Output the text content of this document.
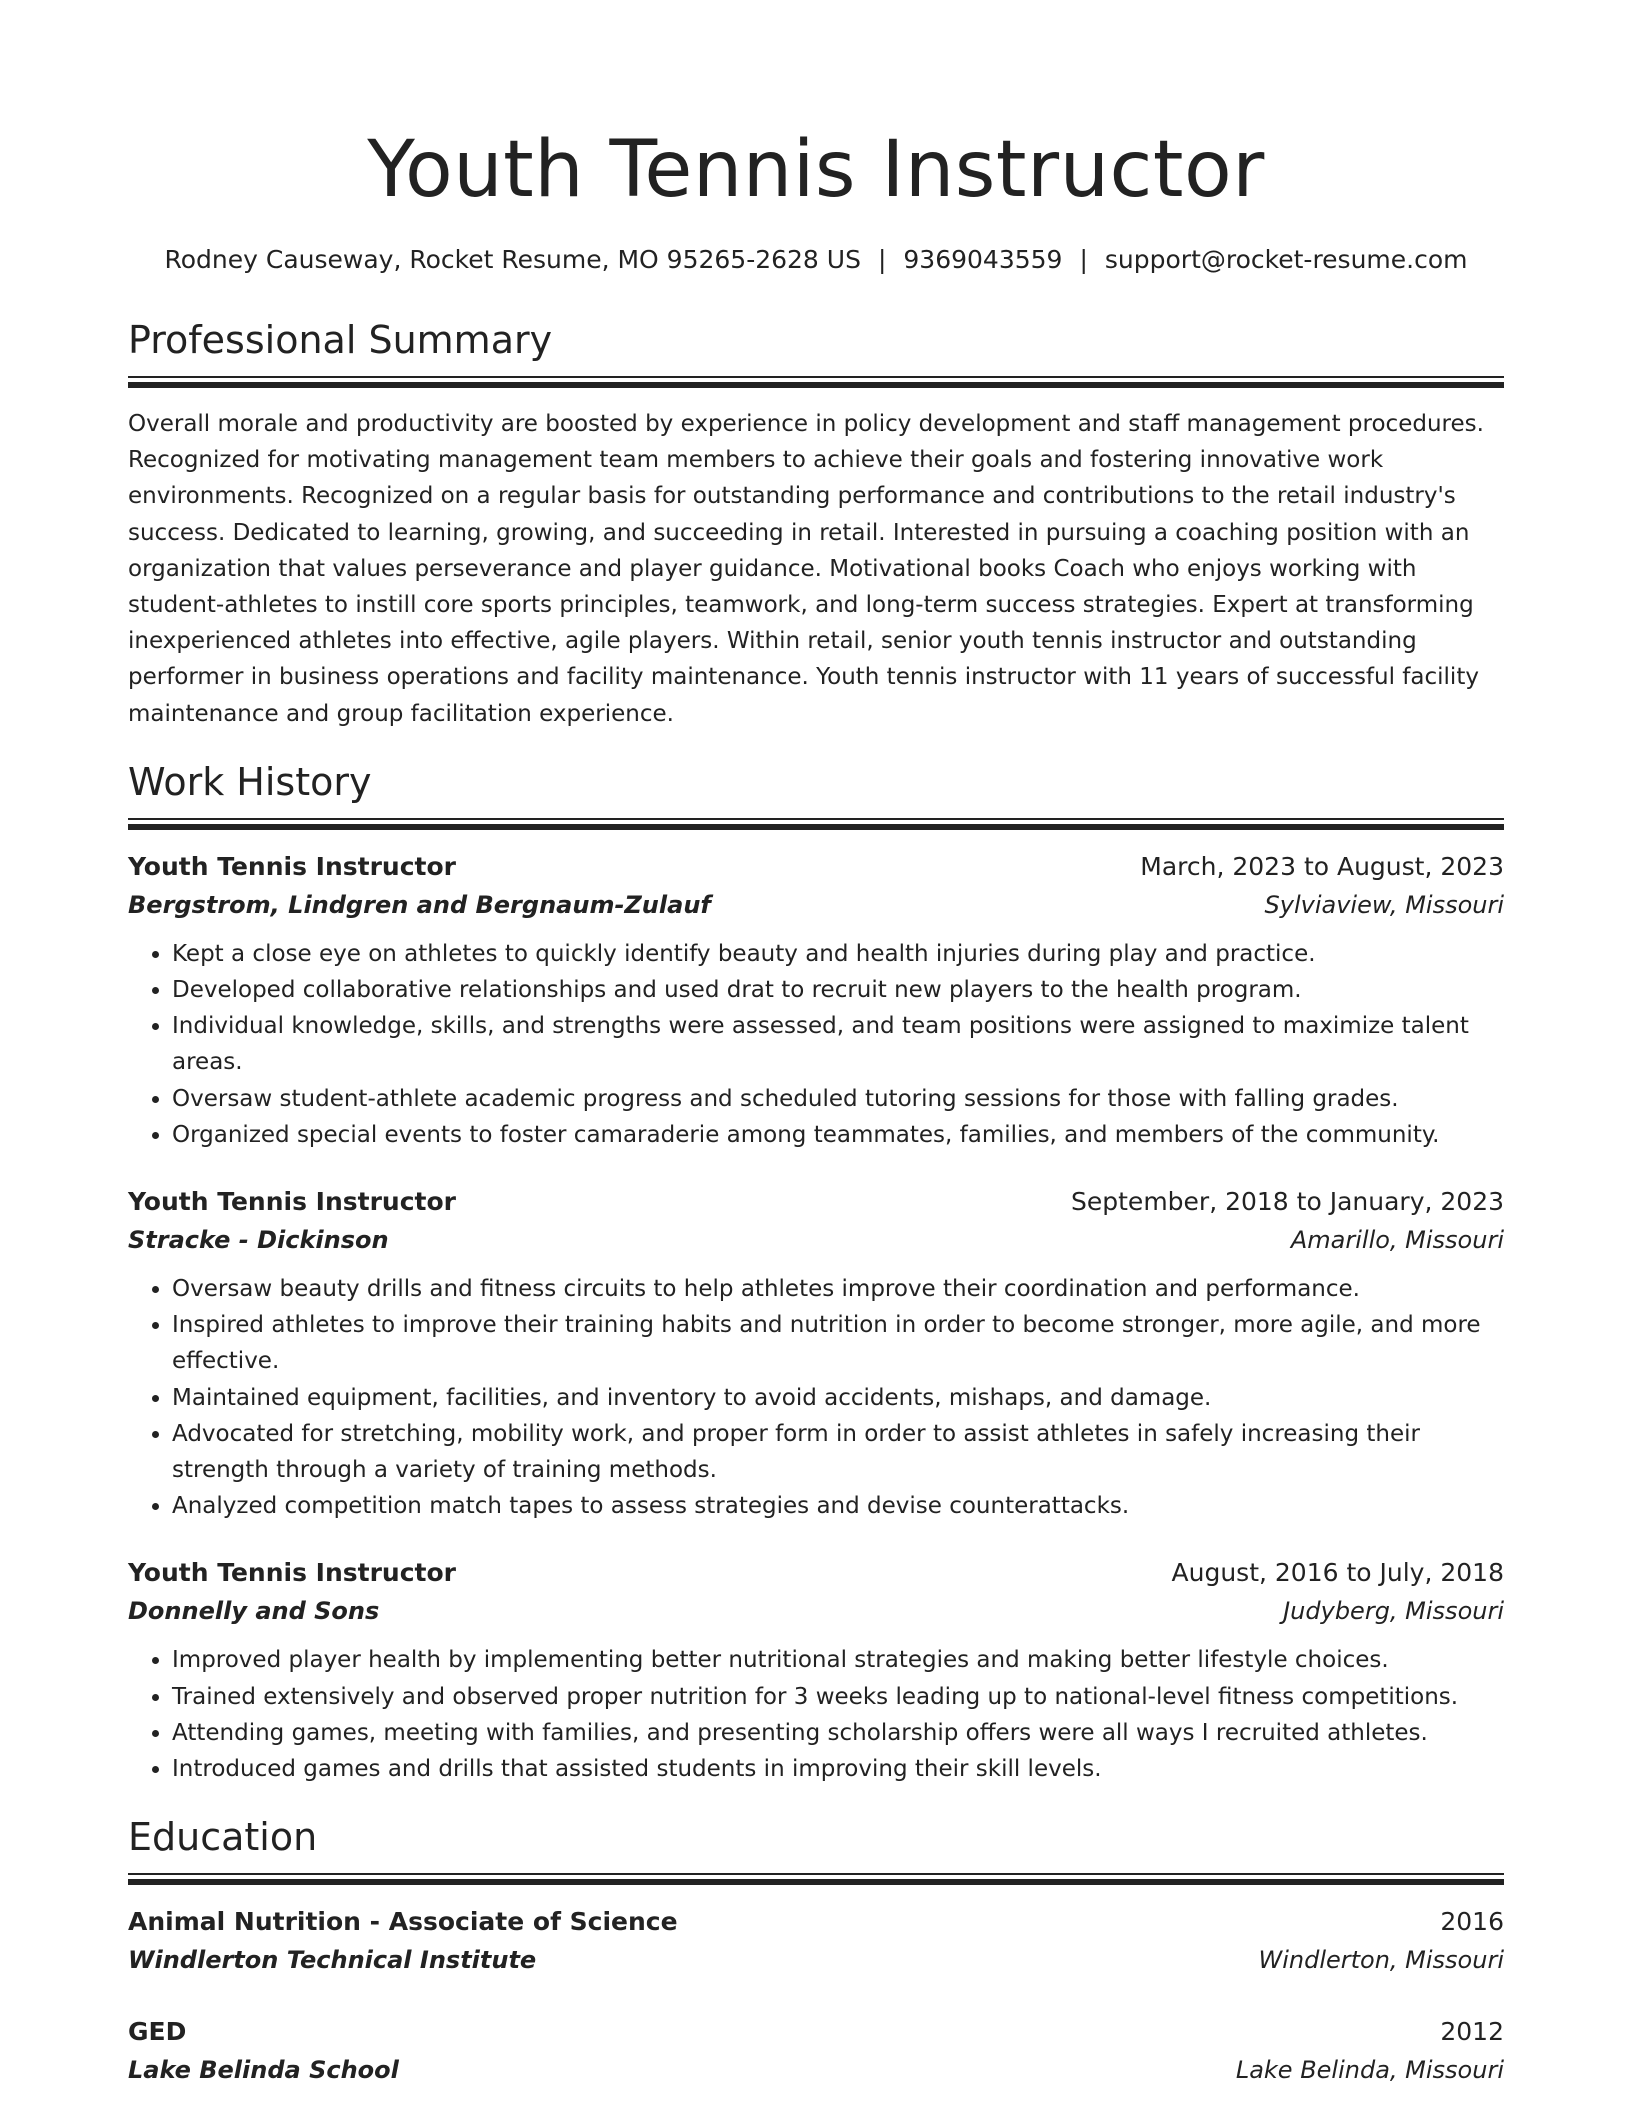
Youth Tennis Instructor
Rodney Causeway, Rocket Resume, MO 95265-2628 US | 9369043559 | support@rocket-resume.com
Professional Summary

Overall morale and productivity are boosted by experience in policy development and staff management procedures. Recognized for motivating management team members to achieve their goals and fostering innovative work environments. Recognized on a regular basis for outstanding performance and contributions to the retail industry's success. Dedicated to learning, growing, and succeeding in retail. Interested in pursuing a coaching position with an organization that values perseverance and player guidance. Motivational books Coach who enjoys working with student-athletes to instill core sports principles, teamwork, and long-term success strategies. Expert at transforming inexperienced athletes into effective, agile players. Within retail, senior youth tennis instructor and outstanding performer in business operations and facility maintenance. Youth tennis instructor with 11 years of successful facility maintenance and group facilitation experience.

Work History
Youth Tennis Instructor	March, 2023 to August, 2023
Bergstrom, Lindgren and Bergnaum-Zulauf	Sylviaview, Missouri
• Kept a close eye on athletes to quickly identify beauty and health injuries during play and practice.
• Developed collaborative relationships and used drat to recruit new players to the health program.
• Individual knowledge, skills, and strengths were assessed, and team positions were assigned to maximize talent areas.
• Oversaw student-athlete academic progress and scheduled tutoring sessions for those with falling grades.
• Organized special events to foster camaraderie among teammates, families, and members of the community.
Youth Tennis Instructor	September, 2018 to January, 2023
Stracke - Dickinson	Amarillo, Missouri
• Oversaw beauty drills and fitness circuits to help athletes improve their coordination and performance.
• Inspired athletes to improve their training habits and nutrition in order to become stronger, more agile, and more effective.
• Maintained equipment, facilities, and inventory to avoid accidents, mishaps, and damage.
• Advocated for stretching, mobility work, and proper form in order to assist athletes in safely increasing their strength through a variety of training methods.
• Analyzed competition match tapes to assess strategies and devise counterattacks.
Youth Tennis Instructor	August, 2016 to July, 2018
Donnelly and Sons	Judyberg, Missouri
• Improved player health by implementing better nutritional strategies and making better lifestyle choices.
• Trained extensively and observed proper nutrition for 3 weeks leading up to national-level fitness competitions.
• Attending games, meeting with families, and presenting scholarship offers were all ways I recruited athletes.
• Introduced games and drills that assisted students in improving their skill levels.
Education
Animal Nutrition - Associate of Science	2016
Windlerton Technical Institute	Windlerton, Missouri
GED	2012
Lake Belinda School	Lake Belinda, Missouri
